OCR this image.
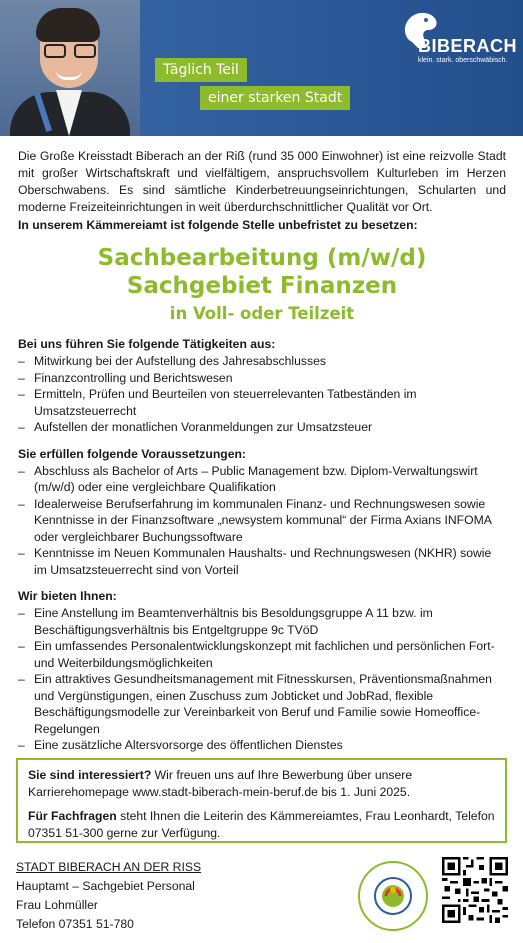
Täglich Teil
einer starken Stadt
BIBERACH
klein. stark. oberschwäbisch.

Die Große Kreisstadt Biberach an der Riß (rund 35 000 Einwohner) ist eine reizvolle Stadt mit großer Wirtschaftskraft und vielfältigem, anspruchsvollem Kulturleben im Herzen Oberschwabens. Es sind sämtliche Kinderbetreuungseinrichtungen, Schularten und moderne Freizeiteinrichtungen in weit überdurchschnittlicher Qualität vor Ort.

In unserem Kämmereiamt ist folgende Stelle unbefristet zu besetzen:

Sachbearbeitung (m/w/d)
Sachgebiet Finanzen
in Voll- oder Teilzeit
Bei uns führen Sie folgende Tätigkeiten aus:
– Mitwirkung bei der Aufstellung des Jahresabschlusses
– Finanzcontrolling und Berichtswesen
– Ermitteln, Prüfen und Beurteilen von steuerrelevanten Tatbeständen im Umsatzsteuerrecht
– Aufstellen der monatlichen Voranmeldungen zur Umsatzsteuer
Sie erfüllen folgende Voraussetzungen:
– Abschluss als Bachelor of Arts – Public Management bzw. Diplom-Verwaltungswirt (m/w/d) oder eine vergleichbare Qualifikation
– Idealerweise Berufserfahrung im kommunalen Finanz- und Rechnungswesen sowie Kenntnisse in der Finanzsoftware „newsystem kommunal“ der Firma Axians INFOMA oder vergleichbarer Buchungssoftware
– Kenntnisse im Neuen Kommunalen Haushalts- und Rechnungswesen (NKHR) sowie im Umsatzsteuerrecht sind von Vorteil
Wir bieten Ihnen:
– Eine Anstellung im Beamtenverhältnis bis Besoldungsgruppe A 11 bzw. im Beschäftigungsverhältnis bis Entgeltgruppe 9c TVöD
– Ein umfassendes Personalentwicklungskonzept mit fachlichen und persönlichen Fort- und Weiterbildungsmöglichkeiten
– Ein attraktives Gesundheitsmanagement mit Fitnesskursen, Präventionsmaßnahmen und Vergünstigungen, einen Zuschuss zum Jobticket und JobRad, flexible Beschäftigungsmodelle zur Vereinbarkeit von Beruf und Familie sowie Homeoffice-Regelungen
– Eine zusätzliche Altersvorsorge des öffentlichen Dienstes

Sie sind interessiert? Wir freuen uns auf Ihre Bewerbung über unsere Karrierehomepage www.stadt-biberach-mein-beruf.de bis 1. Juni 2025.

Für Fachfragen steht Ihnen die Leiterin des Kämmereiamtes, Frau Leonhardt, Telefon 07351 51-300 gerne zur Verfügung.

STADT BIBERACH AN DER RISS
Hauptamt – Sachgebiet Personal
Frau Lohmüller
Telefon 07351 51-780
